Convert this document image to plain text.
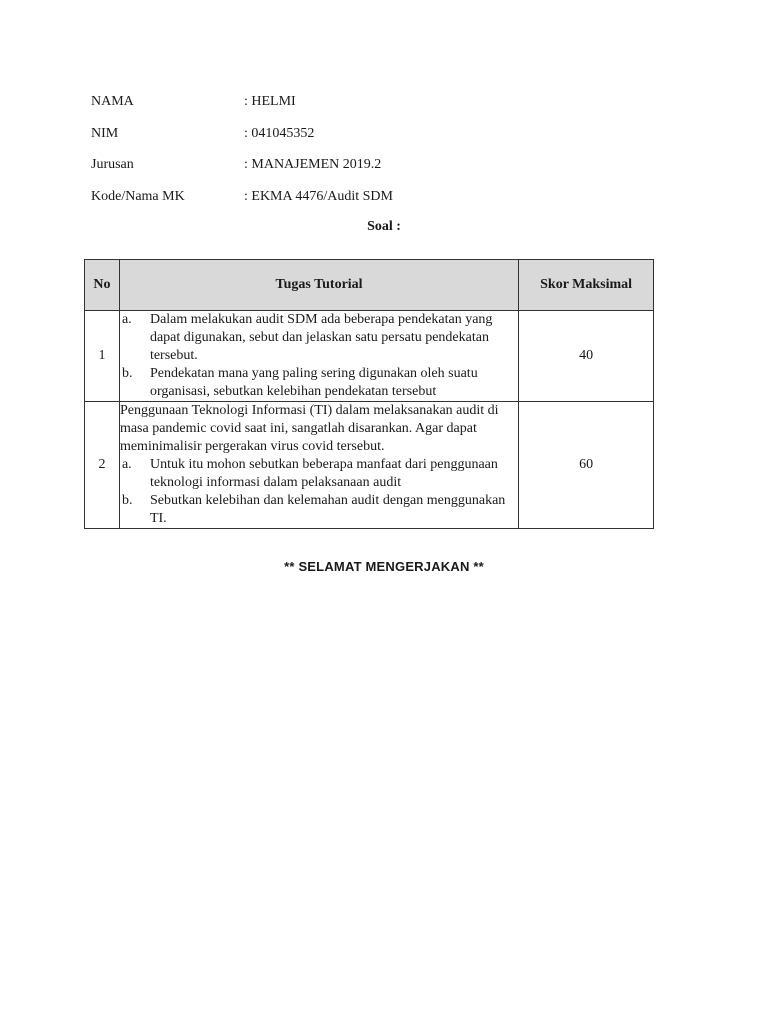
NAMA	: HELMI
NIM	: 041045352
Jurusan	: MANAJEMEN 2019.2
Kode/Nama MK	: EKMA 4476/Audit SDM
Soal :
No	Tugas Tutorial	Skor Maksimal
1	a. Dalam melakukan audit SDM ada beberapa pendekatan yang dapat digunakan, sebut dan jelaskan satu persatu pendekatan tersebut.
b. Pendekatan mana yang paling sering digunakan oleh suatu organisasi, sebutkan kelebihan pendekatan tersebut	40
2	Penggunaan Teknologi Informasi (TI) dalam melaksanakan audit di masa pandemic covid saat ini, sangatlah disarankan. Agar dapat meminimalisir pergerakan virus covid tersebut.

a. Untuk itu mohon sebutkan beberapa manfaat dari penggunaan teknologi informasi dalam pelaksanaan audit
b. Sebutkan kelebihan dan kelemahan audit dengan menggunakan TI.	60
** SELAMAT MENGERJAKAN **
